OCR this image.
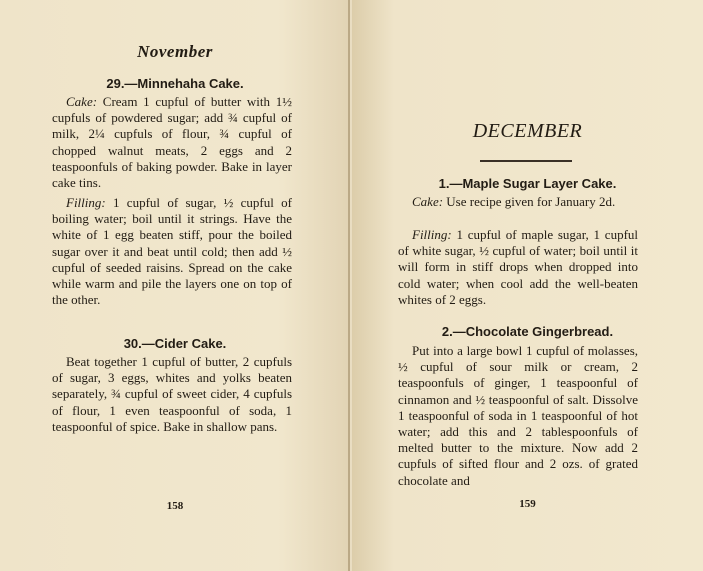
November
29.—Minnehaha Cake.
Cake: Cream 1 cupful of butter with 1½ cupfuls of powdered sugar; add ¾ cupful of milk, 2¼ cupfuls of flour, ¾ cupful of chopped walnut meats, 2 eggs and 2 teaspoonfuls of baking powder. Bake in layer cake tins.
Filling: 1 cupful of sugar, ½ cupful of boiling water; boil until it strings. Have the white of 1 egg beaten stiff, pour the boiled sugar over it and beat until cold; then add ½ cupful of seeded raisins. Spread on the cake while warm and pile the layers one on top of the other.
30.—Cider Cake.
Beat together 1 cupful of butter, 2 cupfuls of sugar, 3 eggs, whites and yolks beaten separately, ¾ cupful of sweet cider, 4 cupfuls of flour, 1 even teaspoonful of soda, 1 teaspoonful of spice. Bake in shallow pans.
158
DECEMBER
1.—Maple Sugar Layer Cake.
Cake: Use recipe given for January 2d.
Filling: 1 cupful of maple sugar, 1 cupful of white sugar, ½ cupful of water; boil until it will form in stiff drops when dropped into cold water; when cool add the well-beaten whites of 2 eggs.
2.—Chocolate Gingerbread.
Put into a large bowl 1 cupful of molasses, ½ cupful of sour milk or cream, 2 teaspoonfuls of ginger, 1 teaspoonful of cinnamon and ½ teaspoonful of salt. Dissolve 1 teaspoonful of soda in 1 teaspoonful of hot water; add this and 2 tablespoonfuls of melted butter to the mixture. Now add 2 cupfuls of sifted flour and 2 ozs. of grated chocolate and
159
